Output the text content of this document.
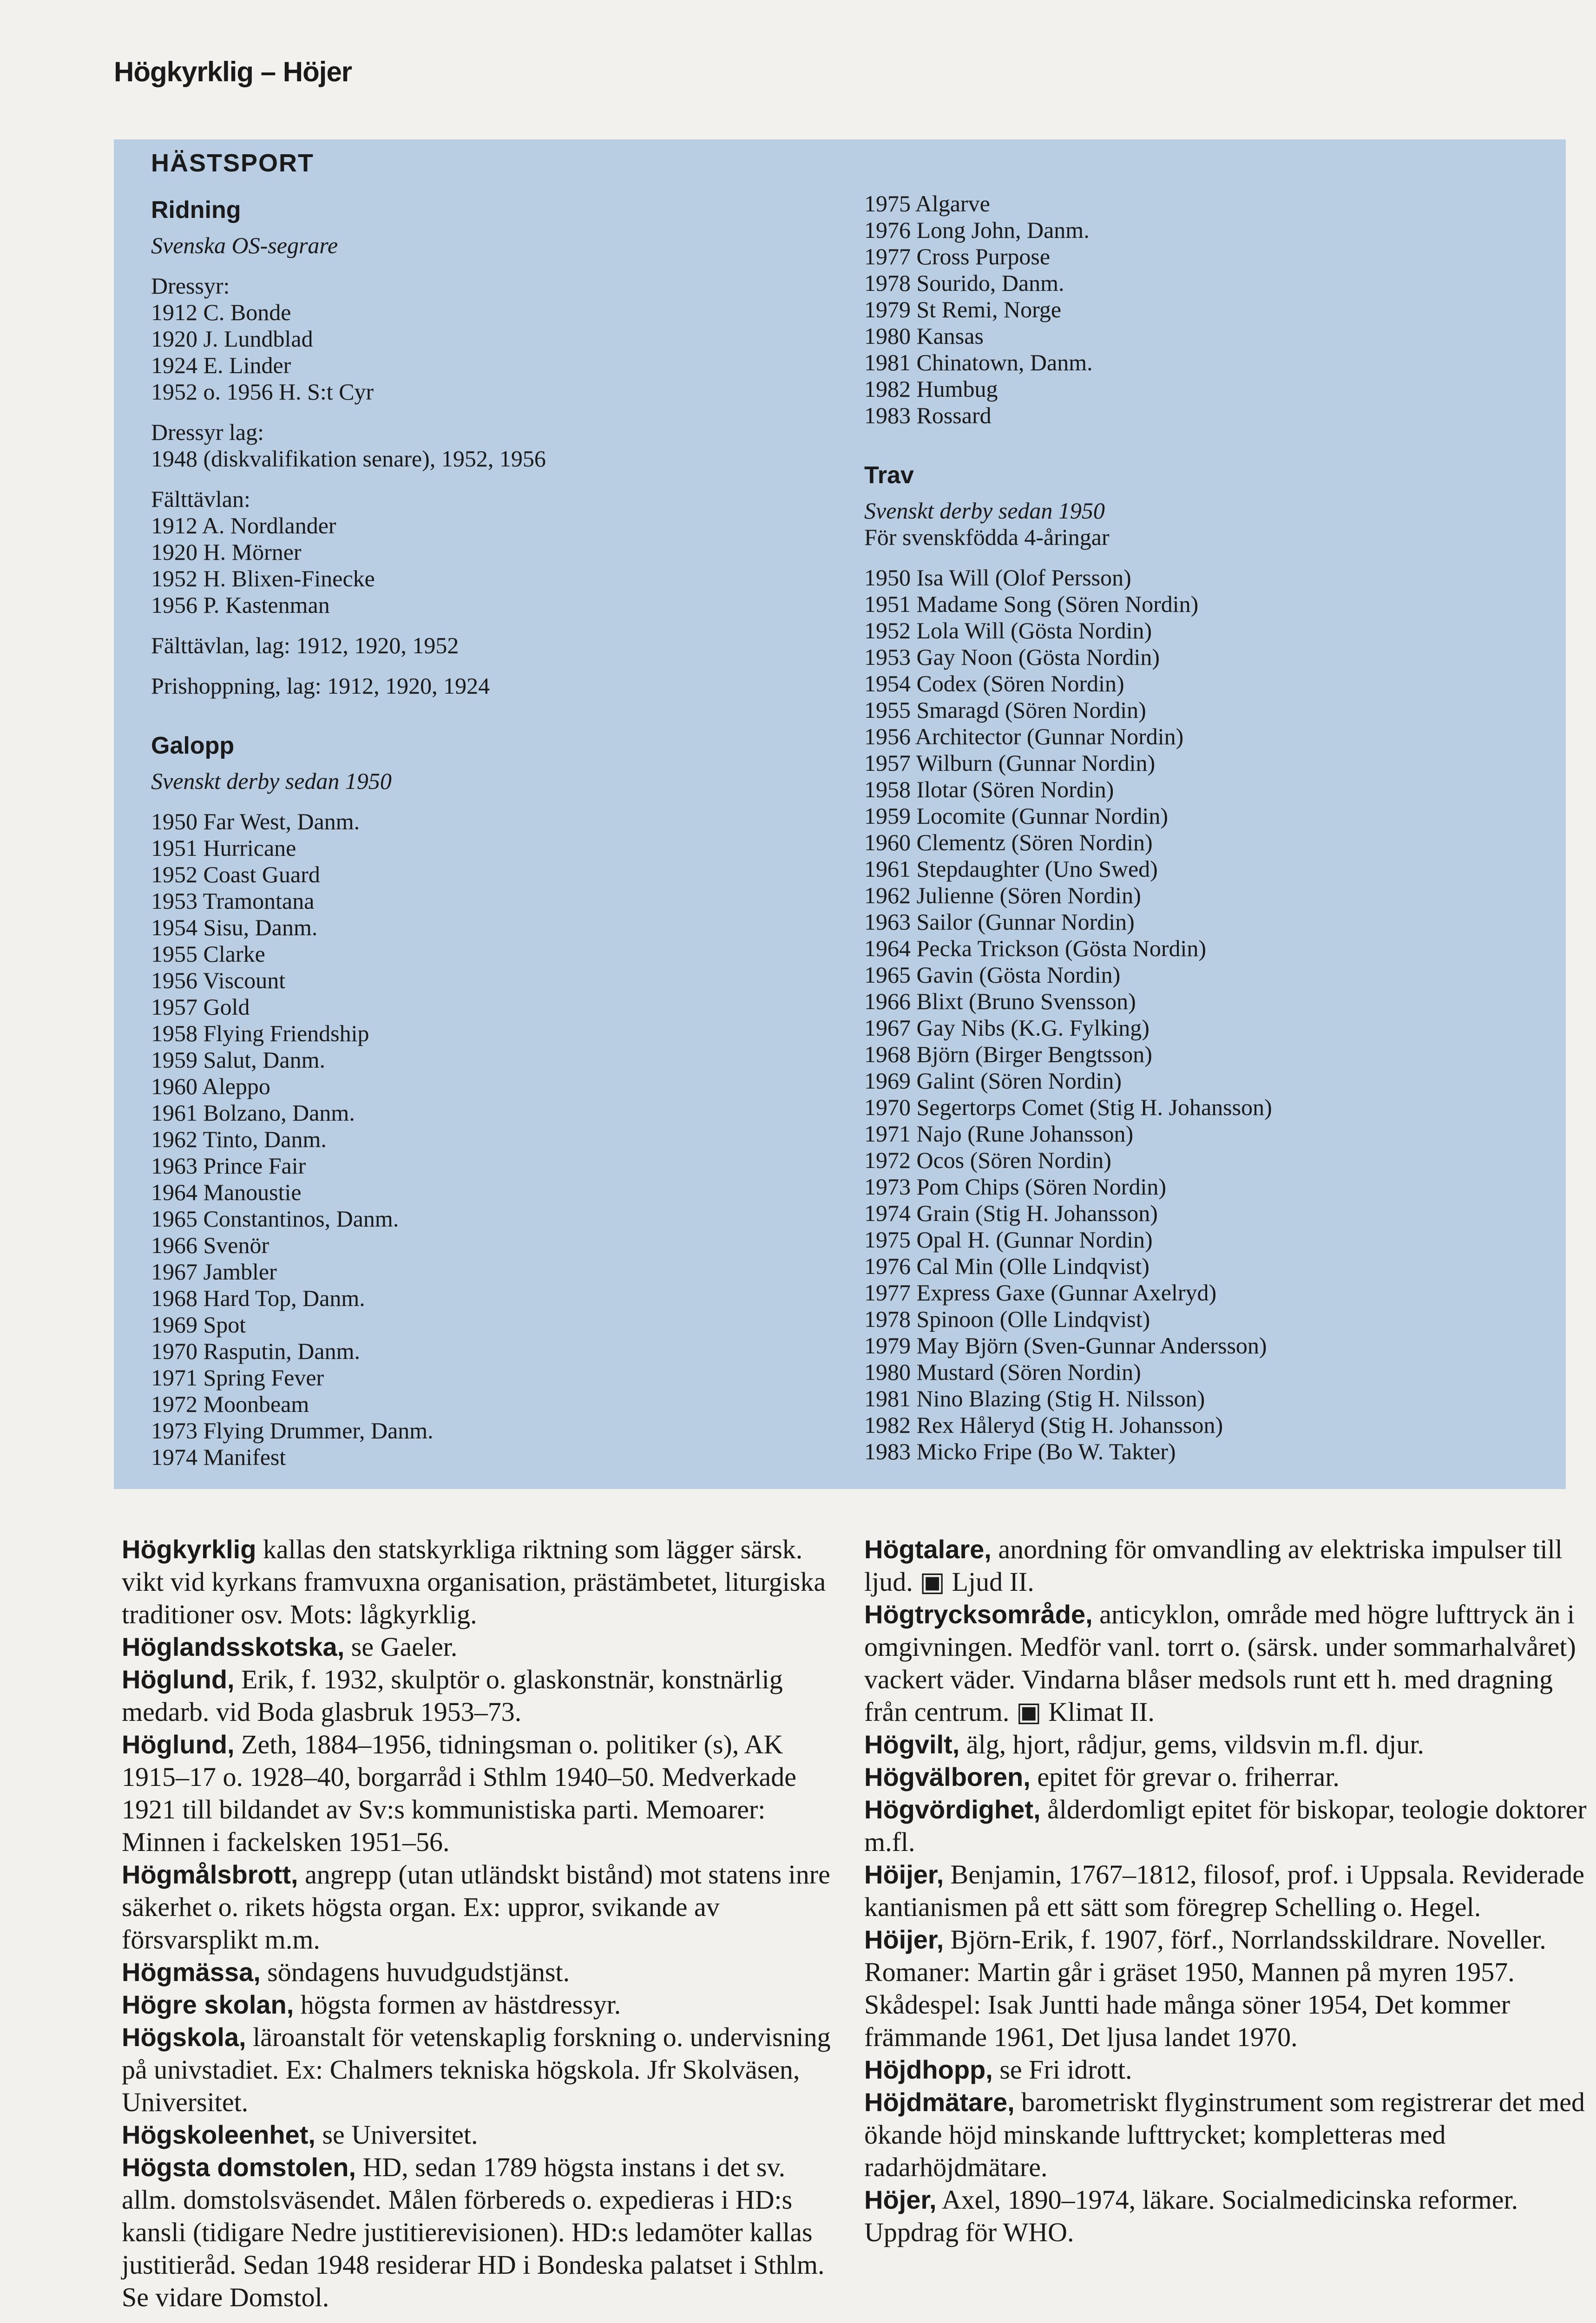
Högkyrklig – Höjer
HÄSTSPORT
Ridning
Svenska OS-segrare
Dressyr:
1912 C. Bonde
1920 J. Lundblad
1924 E. Linder
1952 o. 1956 H. S:t Cyr
Dressyr lag:
1948 (diskvalifikation senare), 1952, 1956
Fälttävlan:
1912 A. Nordlander
1920 H. Mörner
1952 H. Blixen-Finecke
1956 P. Kastenman
Fälttävlan, lag: 1912, 1920, 1952
Prishoppning, lag: 1912, 1920, 1924
Galopp
Svenskt derby sedan 1950
1950 Far West, Danm.
1951 Hurricane
1952 Coast Guard
1953 Tramontana
1954 Sisu, Danm.
1955 Clarke
1956 Viscount
1957 Gold
1958 Flying Friendship
1959 Salut, Danm.
1960 Aleppo
1961 Bolzano, Danm.
1962 Tinto, Danm.
1963 Prince Fair
1964 Manoustie
1965 Constantinos, Danm.
1966 Svenör
1967 Jambler
1968 Hard Top, Danm.
1969 Spot
1970 Rasputin, Danm.
1971 Spring Fever
1972 Moonbeam
1973 Flying Drummer, Danm.
1974 Manifest
1975 Algarve
1976 Long John, Danm.
1977 Cross Purpose
1978 Sourido, Danm.
1979 St Remi, Norge
1980 Kansas
1981 Chinatown, Danm.
1982 Humbug
1983 Rossard
Trav
Svenskt derby sedan 1950
För svenskfödda 4-åringar
1950 Isa Will (Olof Persson)
1951 Madame Song (Sören Nordin)
1952 Lola Will (Gösta Nordin)
1953 Gay Noon (Gösta Nordin)
1954 Codex (Sören Nordin)
1955 Smaragd (Sören Nordin)
1956 Architector (Gunnar Nordin)
1957 Wilburn (Gunnar Nordin)
1958 Ilotar (Sören Nordin)
1959 Locomite (Gunnar Nordin)
1960 Clementz (Sören Nordin)
1961 Stepdaughter (Uno Swed)
1962 Julienne (Sören Nordin)
1963 Sailor (Gunnar Nordin)
1964 Pecka Trickson (Gösta Nordin)
1965 Gavin (Gösta Nordin)
1966 Blixt (Bruno Svensson)
1967 Gay Nibs (K.G. Fylking)
1968 Björn (Birger Bengtsson)
1969 Galint (Sören Nordin)
1970 Segertorps Comet (Stig H. Johansson)
1971 Najo (Rune Johansson)
1972 Ocos (Sören Nordin)
1973 Pom Chips (Sören Nordin)
1974 Grain (Stig H. Johansson)
1975 Opal H. (Gunnar Nordin)
1976 Cal Min (Olle Lindqvist)
1977 Express Gaxe (Gunnar Axelryd)
1978 Spinoon (Olle Lindqvist)
1979 May Björn (Sven-Gunnar Andersson)
1980 Mustard (Sören Nordin)
1981 Nino Blazing (Stig H. Nilsson)
1982 Rex Håleryd (Stig H. Johansson)
1983 Micko Fripe (Bo W. Takter)

Högkyrklig kallas den statskyrkliga riktning som lägger särsk. vikt vid kyrkans framvuxna organisation, prästämbetet, liturgiska traditioner osv. Mots: lågkyrklig.

Höglandsskotska, se Gaeler.

Höglund, Erik, f. 1932, skulptör o. glaskonstnär, konstnärlig medarb. vid Boda glasbruk 1953–73.

Höglund, Zeth, 1884–1956, tidningsman o. politiker (s), AK 1915–17 o. 1928–40, borgarråd i Sthlm 1940–50. Medverkade 1921 till bildandet av Sv:s kommunistiska parti. Memoarer: Minnen i fackelsken 1951–56.

Högmålsbrott, angrepp (utan utländskt bistånd) mot statens inre säkerhet o. rikets högsta organ. Ex: uppror, svikande av försvarsplikt m.m.

Högmässa, söndagens huvudgudstjänst.

Högre skolan, högsta formen av hästdressyr.

Högskola, läroanstalt för vetenskaplig forskning o. undervisning på univstadiet. Ex: Chalmers tekniska högskola. Jfr Skolväsen, Universitet.

Högskoleenhet, se Universitet.

Högsta domstolen, HD, sedan 1789 högsta instans i det sv. allm. domstolsväsendet. Målen förbereds o. expedieras i HD:s kansli (tidigare Nedre justitierevisionen). HD:s ledamöter kallas justitieråd. Sedan 1948 residerar HD i Bondeska palatset i Sthlm. Se vidare Domstol.

Högtalare, anordning för omvandling av elektriska impulser till ljud. ▣ Ljud II.

Högtrycksområde, anticyklon, område med högre lufttryck än i omgivningen. Medför vanl. torrt o. (särsk. under sommarhalvåret) vackert väder. Vindarna blåser medsols runt ett h. med dragning från centrum. ▣ Klimat II.

Högvilt, älg, hjort, rådjur, gems, vildsvin m.fl. djur.

Högvälboren, epitet för grevar o. friherrar.

Högvördighet, ålderdomligt epitet för biskopar, teologie doktorer m.fl.

Höijer, Benjamin, 1767–1812, filosof, prof. i Uppsala. Reviderade kantianismen på ett sätt som föregrep Schelling o. Hegel.

Höijer, Björn-Erik, f. 1907, förf., Norrlandsskildrare. Noveller. Romaner: Martin går i gräset 1950, Mannen på myren 1957. Skådespel: Isak Juntti hade många söner 1954, Det kommer främmande 1961, Det ljusa landet 1970.

Höjdhopp, se Fri idrott.

Höjdmätare, barometriskt flyginstrument som registrerar det med ökande höjd minskande lufttrycket; kompletteras med radarhöjdmätare.

Höjer, Axel, 1890–1974, läkare. Socialmedicinska reformer. Uppdrag för WHO.
